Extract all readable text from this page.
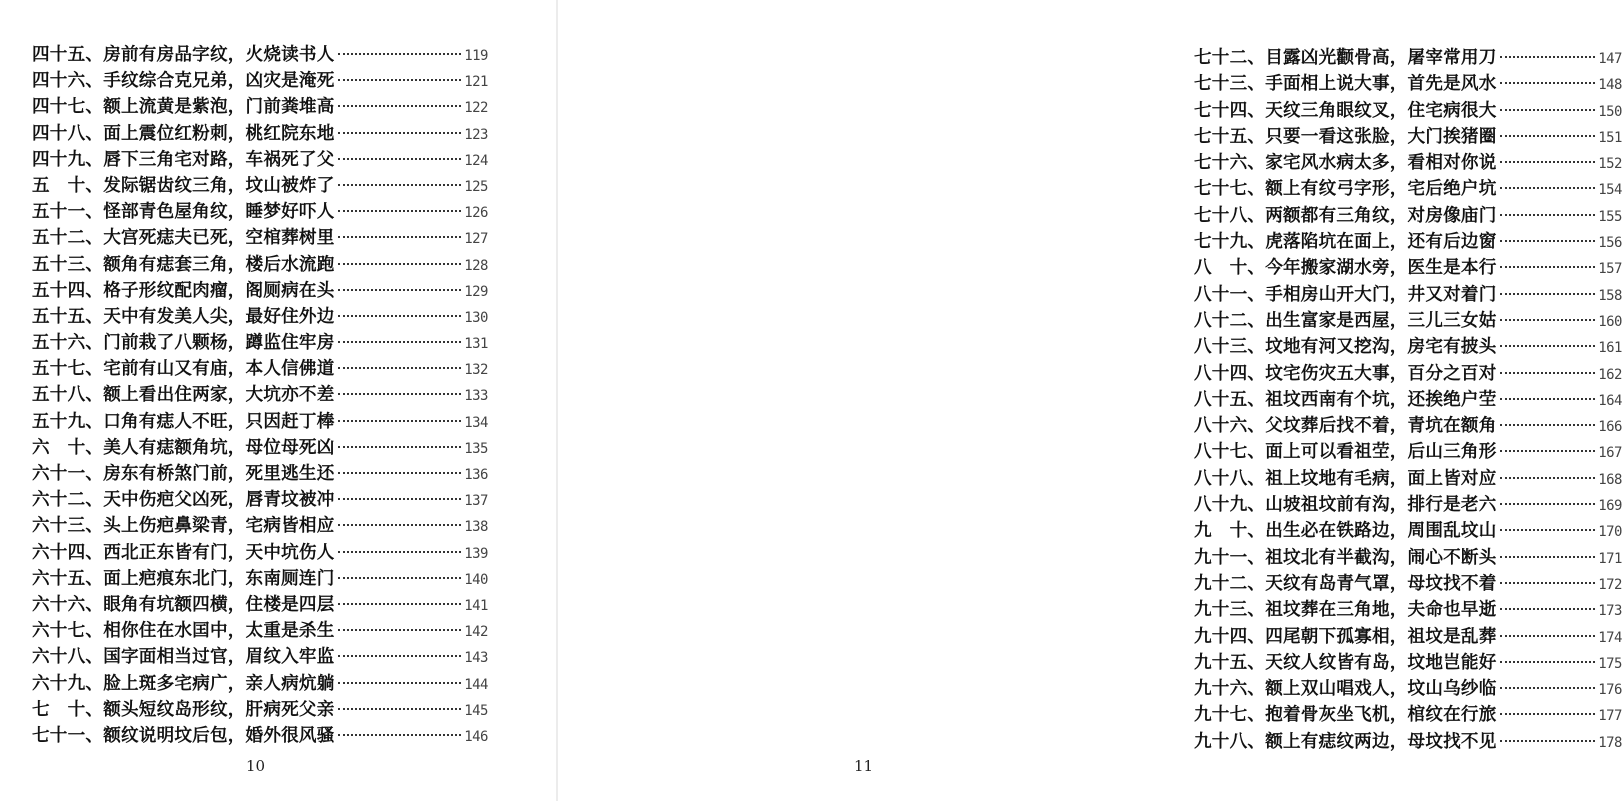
四十五、 房前有房品字纹，火烧读书人	119
四十六、 手纹综合克兄弟，凶灾是淹死	121
四十七、 额上流黄是紫泡，门前粪堆高	122
四十八、 面上震位红粉刺，桃红院东地	123
四十九、 唇下三角宅对路，车祸死了父	124
五　十、 发际锯齿纹三角，坟山被炸了	125
五十一、 怪部青色屋角纹，睡梦好吓人	126
五十二、 大宫死痣夫已死，空棺葬树里	127
五十三、 额角有痣套三角，楼后水流跑	128
五十四、 格子形纹配肉瘤，阁厕病在头	129
五十五、 天中有发美人尖，最好住外边	130
五十六、 门前栽了八颗杨，蹲监住牢房	131
五十七、 宅前有山又有庙，本人信佛道	132
五十八、 额上看出住两家，大坑亦不差	133
五十九、 口角有痣人不旺，只因赶丁棒	134
六　十、 美人有痣额角坑，母位母死凶	135
六十一、 房东有桥煞门前，死里逃生还	136
六十二、 天中伤疤父凶死，唇青坟被冲	137
六十三、 头上伤疤鼻梁青，宅病皆相应	138
六十四、 西北正东皆有门，天中坑伤人	139
六十五、 面上疤痕东北门，东南厕连门	140
六十六、 眼角有坑额四横，住楼是四层	141
六十七、 相你住在水囯中，太重是杀生	142
六十八、 国字面相当过官，眉纹入牢监	143
六十九、 脸上斑多宅病广，亲人病炕躺	144
七　十、 额头短纹岛形纹，肝病死父亲	145
七十一、 额纹说明坟后包，婚外很风骚	146
10
七十二、 目露凶光颧骨高，屠宰常用刀	147
七十三、 手面相上说大事，首先是风水	148
七十四、 天纹三角眼纹叉，住宅病很大	150
七十五、 只要一看这张脸，大门挨猪圈	151
七十六、 家宅风水病太多，看相对你说	152
七十七、 额上有纹弓字形，宅后绝户坑	154
七十八、 两额都有三角纹，对房像庙门	155
七十九、 虎落陷坑在面上，还有后边窗	156
八　十、 今年搬家湖水旁，医生是本行	157
八十一、 手相房山开大门，井又对着门	158
八十二、 出生富家是西屋，三儿三女姑	160
八十三、 坟地有河又挖沟，房宅有披头	161
八十四、 坟宅伤灾五大事，百分之百对	162
八十五、 祖坟西南有个坑，还挨绝户茔	164
八十六、 父坟葬后找不着，青坑在额角	166
八十七、 面上可以看祖茔，后山三角形	167
八十八、 祖上坟地有毛病，面上皆对应	168
八十九、 山坡祖坟前有沟，排行是老六	169
九　十、 出生必在铁路边，周围乱坟山	170
九十一、 祖坟北有半截沟，闹心不断头	171
九十二、 天纹有岛青气罩，母坟找不着	172
九十三、 祖坟葬在三角地，夫命也早逝	173
九十四、 四尾朝下孤寡相，祖坟是乱葬	174
九十五、 天纹人纹皆有岛，坟地岂能好	175
九十六、 额上双山唱戏人，坟山乌纱临	176
九十七、 抱着骨灰坐飞机，棺纹在行旅	177
九十八、 额上有痣纹两边，母坟找不见	178
11
